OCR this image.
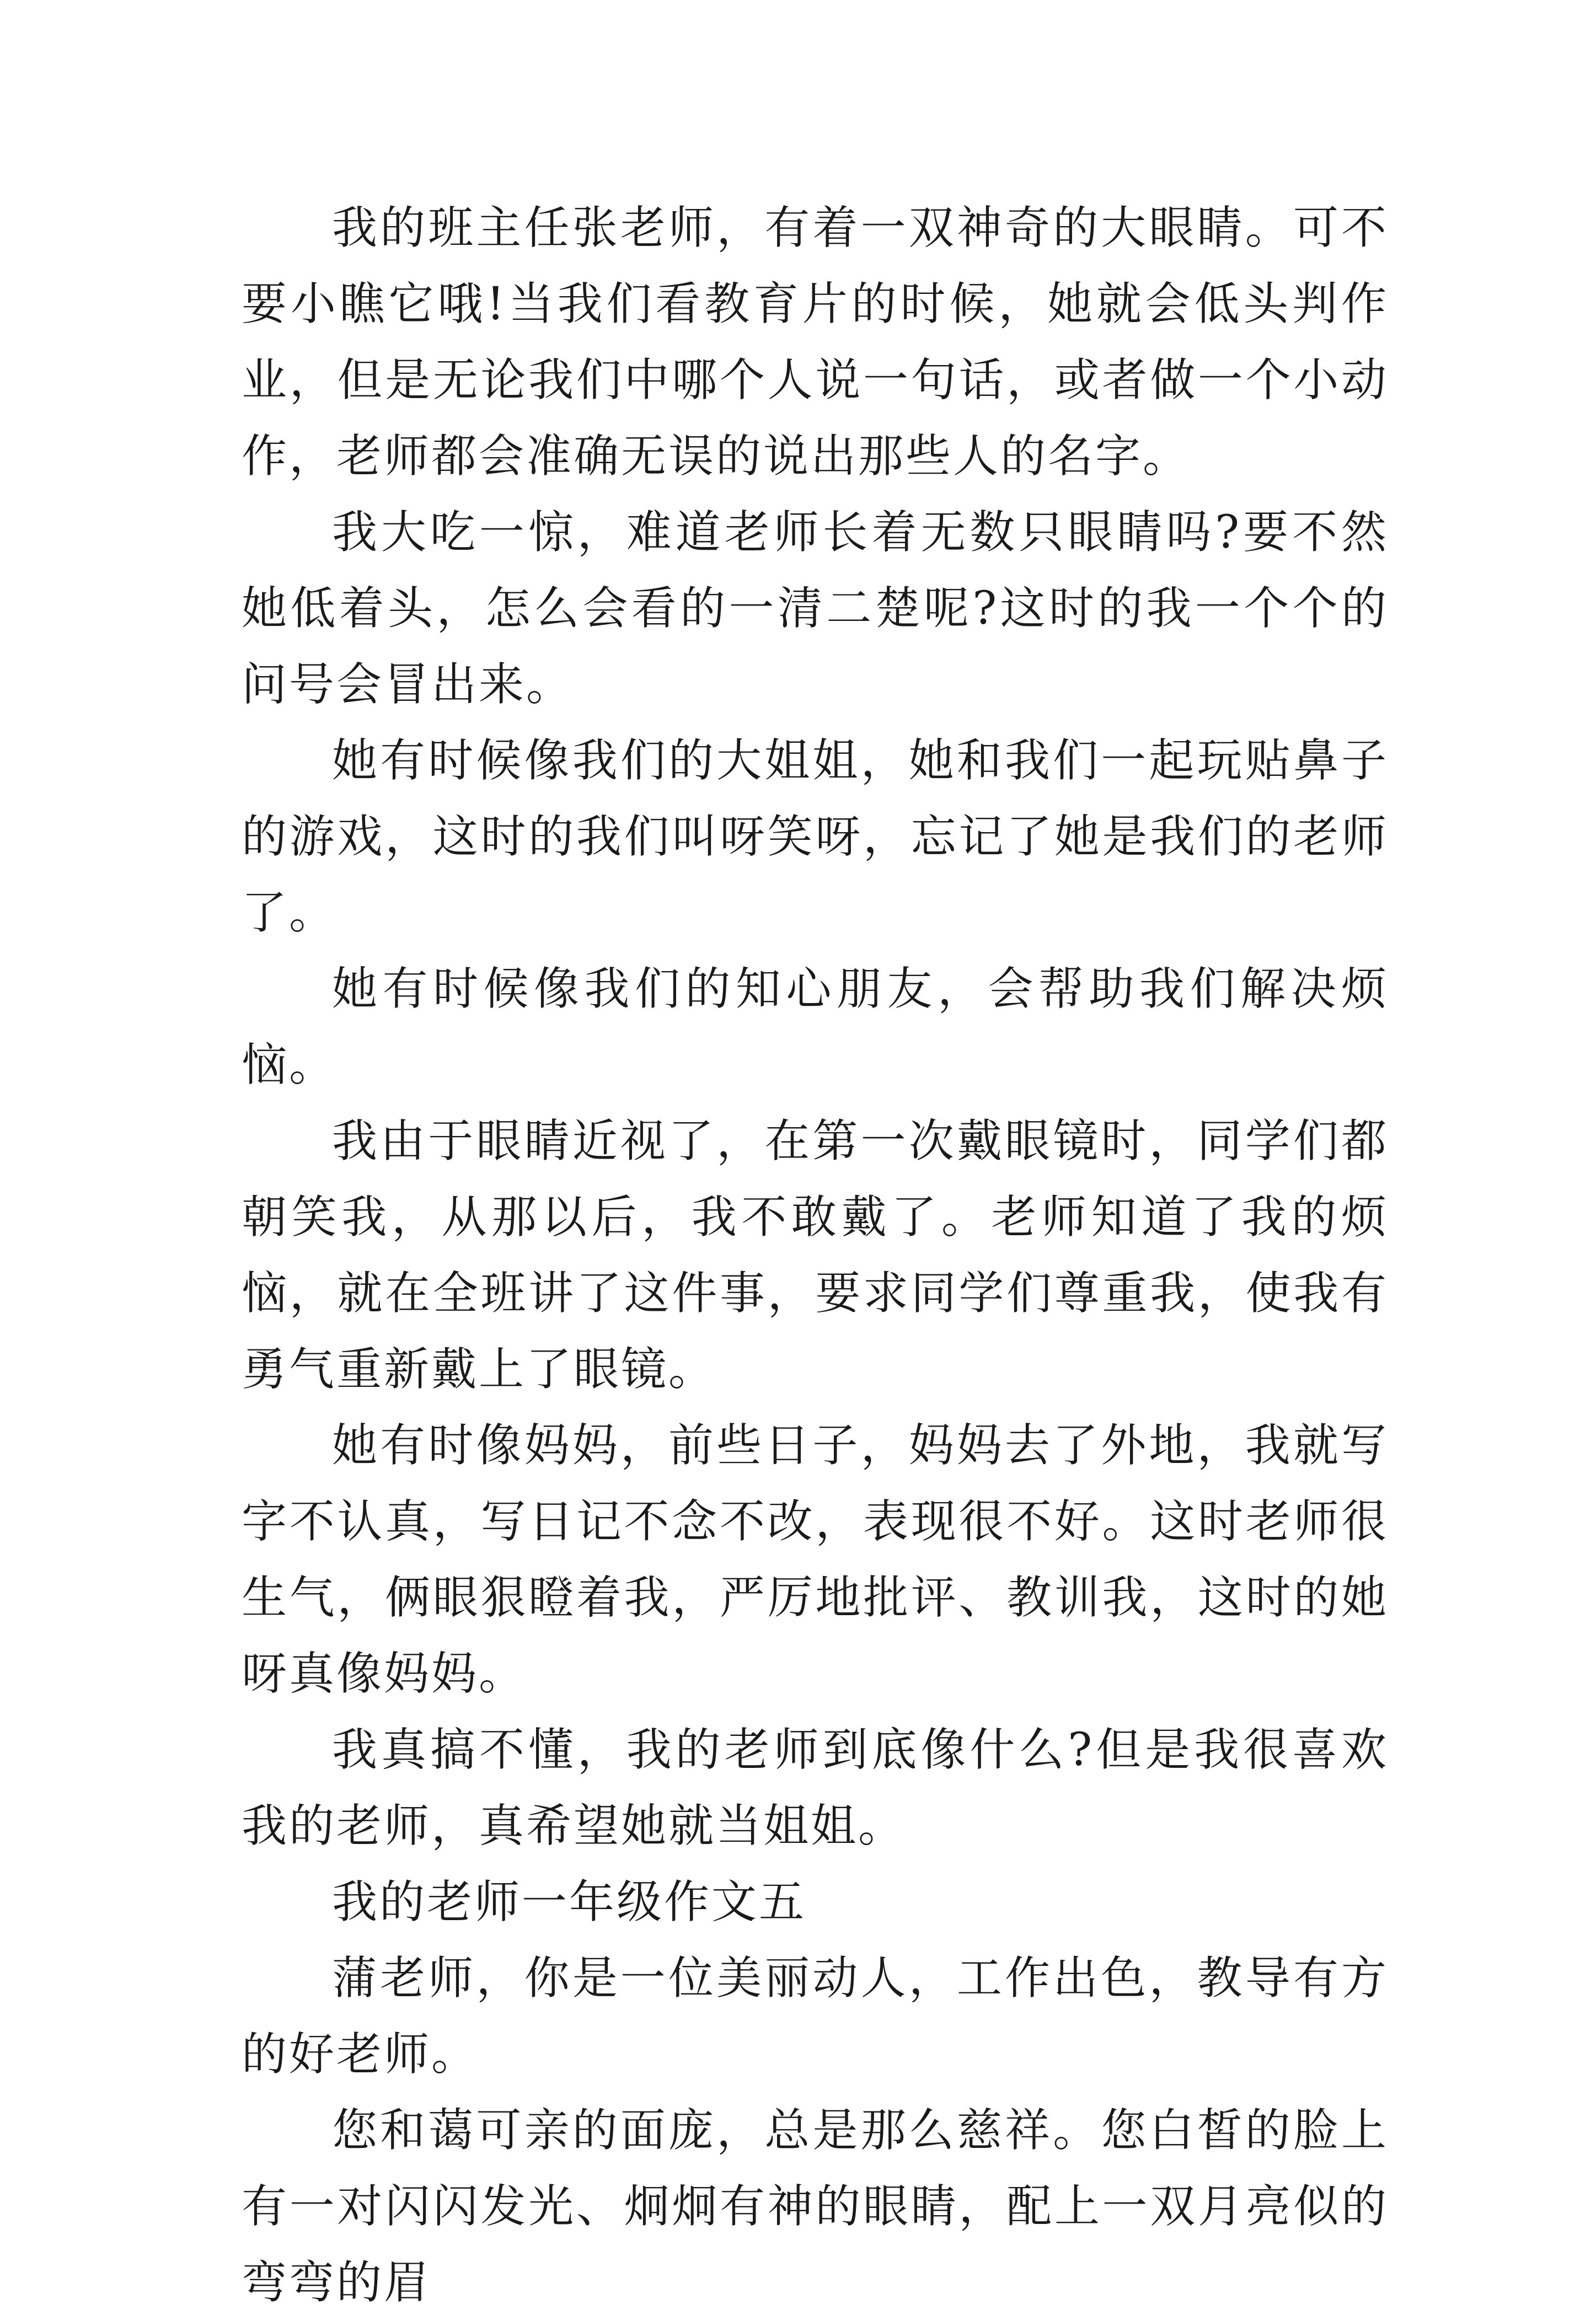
我的班主任张老师，有着一双神奇的大眼睛。可不要小瞧它哦!当我们看教育片的时候，她就会低头判作业，但是无论我们中哪个人说一句话，或者做一个小动作，老师都会准确无误的说出那些人的名字。

我大吃一惊，难道老师长着无数只眼睛吗?要不然她低着头，怎么会看的一清二楚呢?这时的我一个个的问号会冒出来。

她有时候像我们的大姐姐，她和我们一起玩贴鼻子的游戏，这时的我们叫呀笑呀，忘记了她是我们的老师了。

她有时候像我们的知心朋友，会帮助我们解决烦恼。

我由于眼睛近视了，在第一次戴眼镜时，同学们都朝笑我，从那以后，我不敢戴了。老师知道了我的烦恼，就在全班讲了这件事，要求同学们尊重我，使我有勇气重新戴上了眼镜。

她有时像妈妈，前些日子，妈妈去了外地，我就写字不认真，写日记不念不改，表现很不好。这时老师很生气，俩眼狠瞪着我，严厉地批评、教训我，这时的她呀真像妈妈。

我真搞不懂，我的老师到底像什么?但是我很喜欢我的老师，真希望她就当姐姐。

我的老师一年级作文五

蒲老师，你是一位美丽动人，工作出色，教导有方的好老师。

您和蔼可亲的面庞，总是那么慈祥。您白皙的脸上有一对闪闪发光、炯炯有神的眼睛，配上一双月亮似的弯弯的眉
